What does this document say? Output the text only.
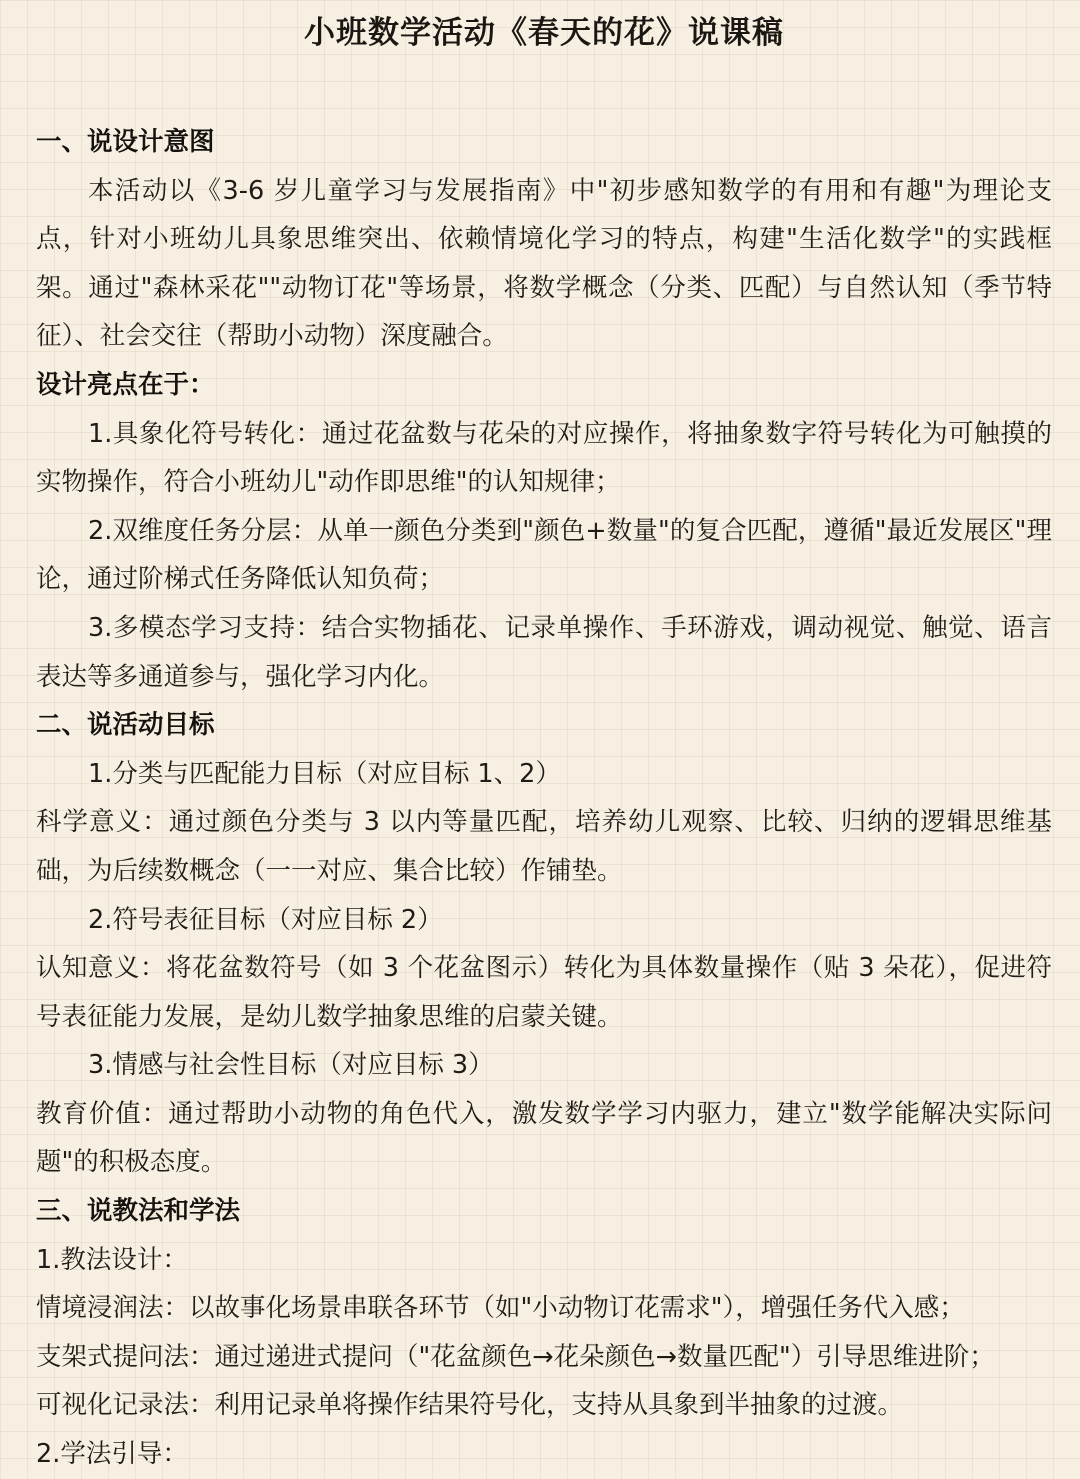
小班数学活动《春天的花》说课稿

一、说设计意图

本活动以《3-6 岁儿童学习与发展指南》中"初步感知数学的有用和有趣"为理论支点，针对小班幼儿具象思维突出、依赖情境化学习的特点，构建"生活化数学"的实践框架。通过"森林采花""动物订花"等场景，将数学概念（分类、匹配）与自然认知（季节特征）、社会交往（帮助小动物）深度融合。

设计亮点在于：

1.具象化符号转化：通过花盆数与花朵的对应操作，将抽象数字符号转化为可触摸的实物操作，符合小班幼儿"动作即思维"的认知规律；

2.双维度任务分层：从单一颜色分类到"颜色+数量"的复合匹配，遵循"最近发展区"理论，通过阶梯式任务降低认知负荷；

3.多模态学习支持：结合实物插花、记录单操作、手环游戏，调动视觉、触觉、语言表达等多通道参与，强化学习内化。

二、说活动目标

1.分类与匹配能力目标（对应目标 1、2）

科学意义：通过颜色分类与 3 以内等量匹配，培养幼儿观察、比较、归纳的逻辑思维基础，为后续数概念（一一对应、集合比较）作铺垫。

2.符号表征目标（对应目标 2）

认知意义：将花盆数符号（如 3 个花盆图示）转化为具体数量操作（贴 3 朵花），促进符号表征能力发展，是幼儿数学抽象思维的启蒙关键。

3.情感与社会性目标（对应目标 3）

教育价值：通过帮助小动物的角色代入，激发数学学习内驱力，建立"数学能解决实际问题"的积极态度。

三、说教法和学法

1.教法设计：

情境浸润法：以故事化场景串联各环节（如"小动物订花需求"），增强任务代入感；

支架式提问法：通过递进式提问（"花盆颜色→花朵颜色→数量匹配"）引导思维进阶；

可视化记录法：利用记录单将操作结果符号化，支持从具象到半抽象的过渡。

2.学法引导：
